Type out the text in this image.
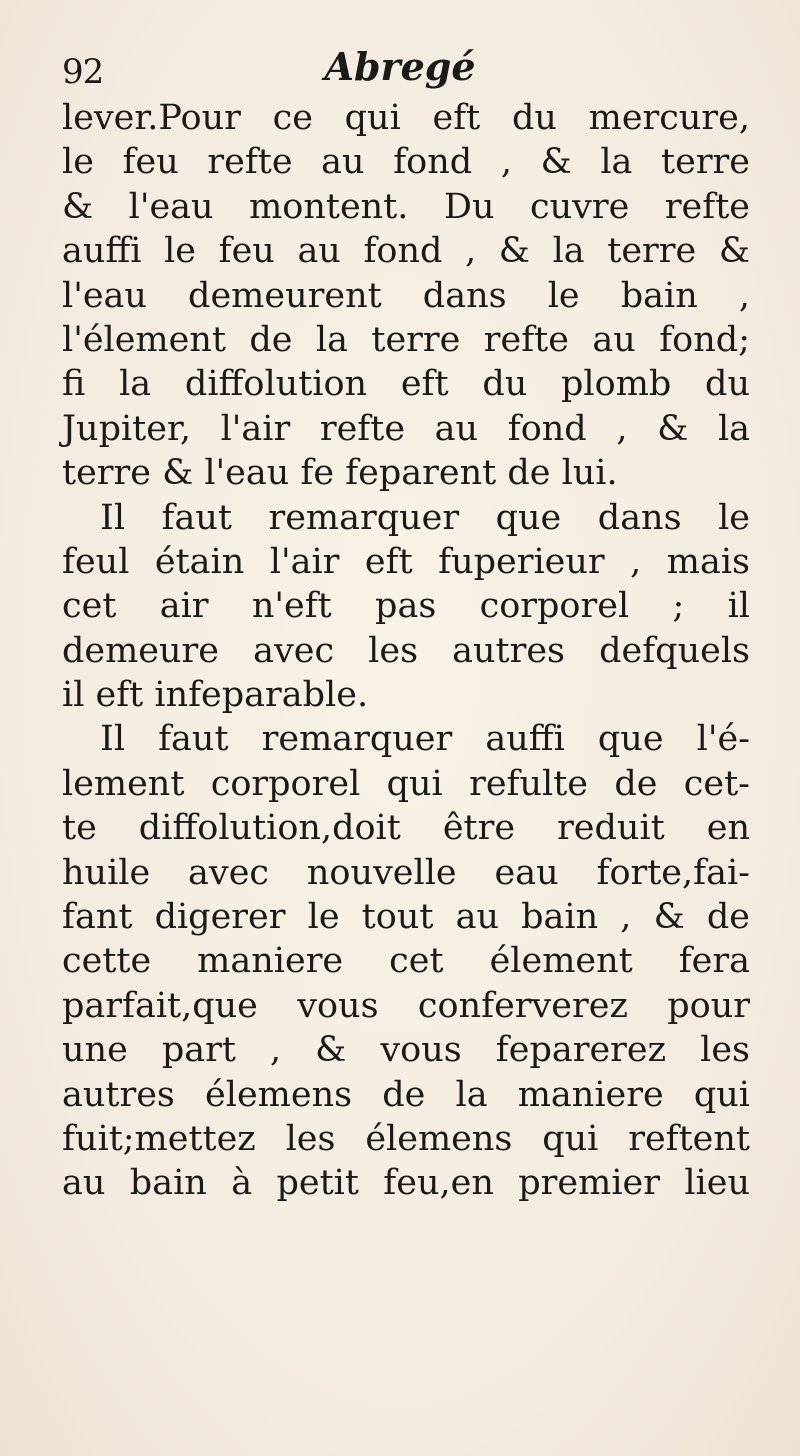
92	Abregé
lever.Pour ce qui eft du mercure,
le feu refte au fond , & la terre
& l'eau montent. Du cuvre refte
auffi le feu au fond , & la terre &
l'eau demeurent dans le bain ,
l'élement de la terre refte au fond;
fi la diffolution eft du plomb du
Jupiter, l'air refte au fond , & la
terre & l'eau fe feparent de lui.
Il faut remarquer que dans le
feul étain l'air eft fuperieur , mais
cet air n'eft pas corporel ; il
demeure avec les autres defquels
il eft infeparable.
Il faut remarquer auffi que l'é-
lement corporel qui refulte de cet-
te diffolution,doit être reduit en
huile avec nouvelle eau forte,fai-
fant digerer le tout au bain , & de
cette maniere cet élement fera
parfait,que vous conferverez pour
une part , & vous feparerez les
autres élemens de la maniere qui
fuit;mettez les élemens qui reftent
au bain à petit feu,en premier lieu
